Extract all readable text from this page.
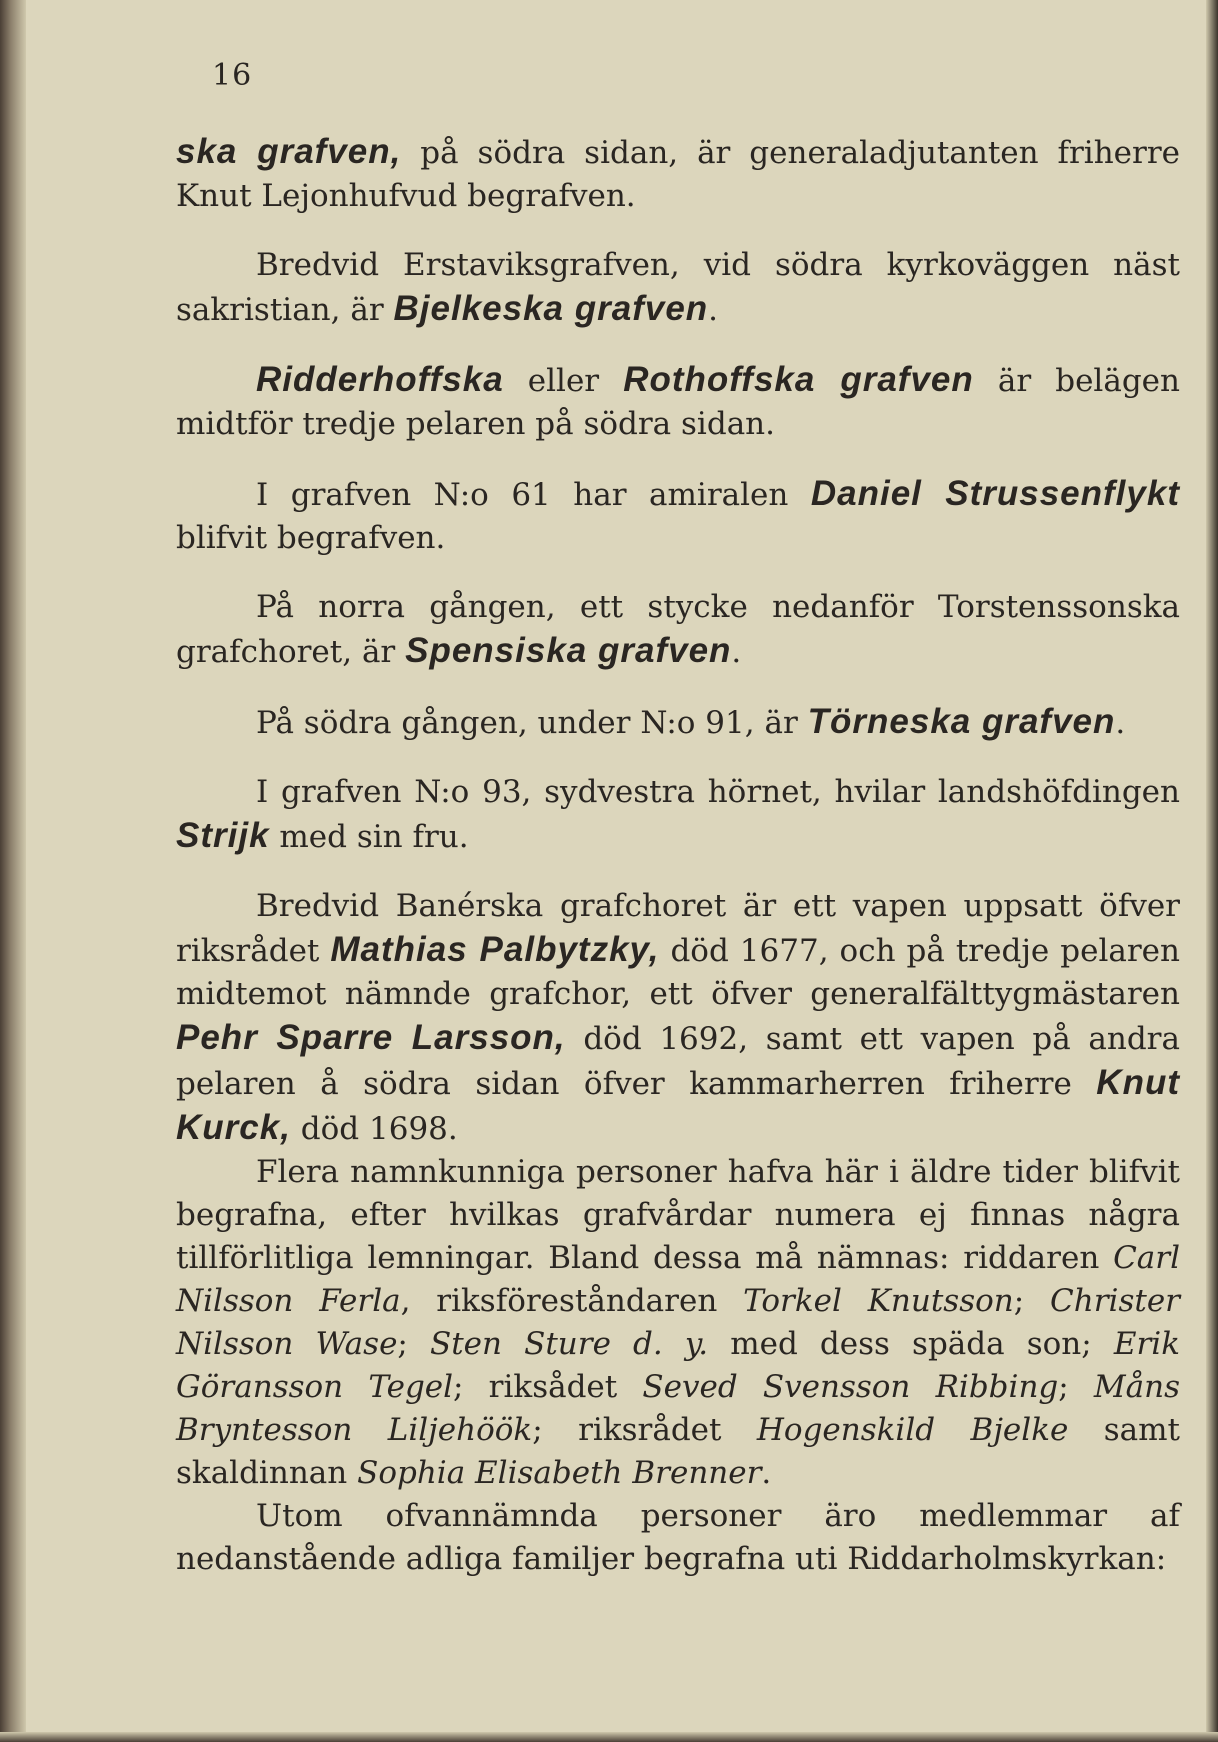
16

ska grafven, på södra sidan, är generaladjutanten friherre Knut Lejonhufvud begrafven.

Bredvid Erstaviksgrafven, vid södra kyrkoväggen näst sakristian, är Bjelkeska grafven.

Ridderhoffska eller Rothoffska grafven är belägen midtför tredje pelaren på södra sidan.

I grafven N:o 61 har amiralen Daniel Strussenflykt blifvit begrafven.

På norra gången, ett stycke nedanför Torstenssonska grafchoret, är Spensiska grafven.

På södra gången, under N:o 91, är Törneska grafven.

I grafven N:o 93, sydvestra hörnet, hvilar landshöfdingen Strijk med sin fru.

Bredvid Banérska grafchoret är ett vapen uppsatt öfver riksrådet Mathias Palbytzky, död 1677, och på tredje pelaren midtemot nämnde grafchor, ett öfver generalfälttygmästaren Pehr Sparre Larsson, död 1692, samt ett vapen på andra pelaren å södra sidan öfver kammarherren friherre Knut Kurck, död 1698.

Flera namnkunniga personer hafva här i äldre tider blifvit begrafna, efter hvilkas grafvårdar numera ej finnas några tillförlitliga lemningar. Bland dessa må nämnas: riddaren Carl Nilsson Ferla, riksföreståndaren Torkel Knutsson; Christer Nilsson Wase; Sten Sture d. y. med dess späda son; Erik Göransson Tegel; riksådet Seved Svensson Ribbing; Måns Bryntesson Liljehöök; riksrådet Hogenskild Bjelke samt skaldinnan Sophia Elisabeth Brenner.

Utom ofvannämnda personer äro medlemmar af nedanstående adliga familjer begrafna uti Riddarholmskyrkan:
